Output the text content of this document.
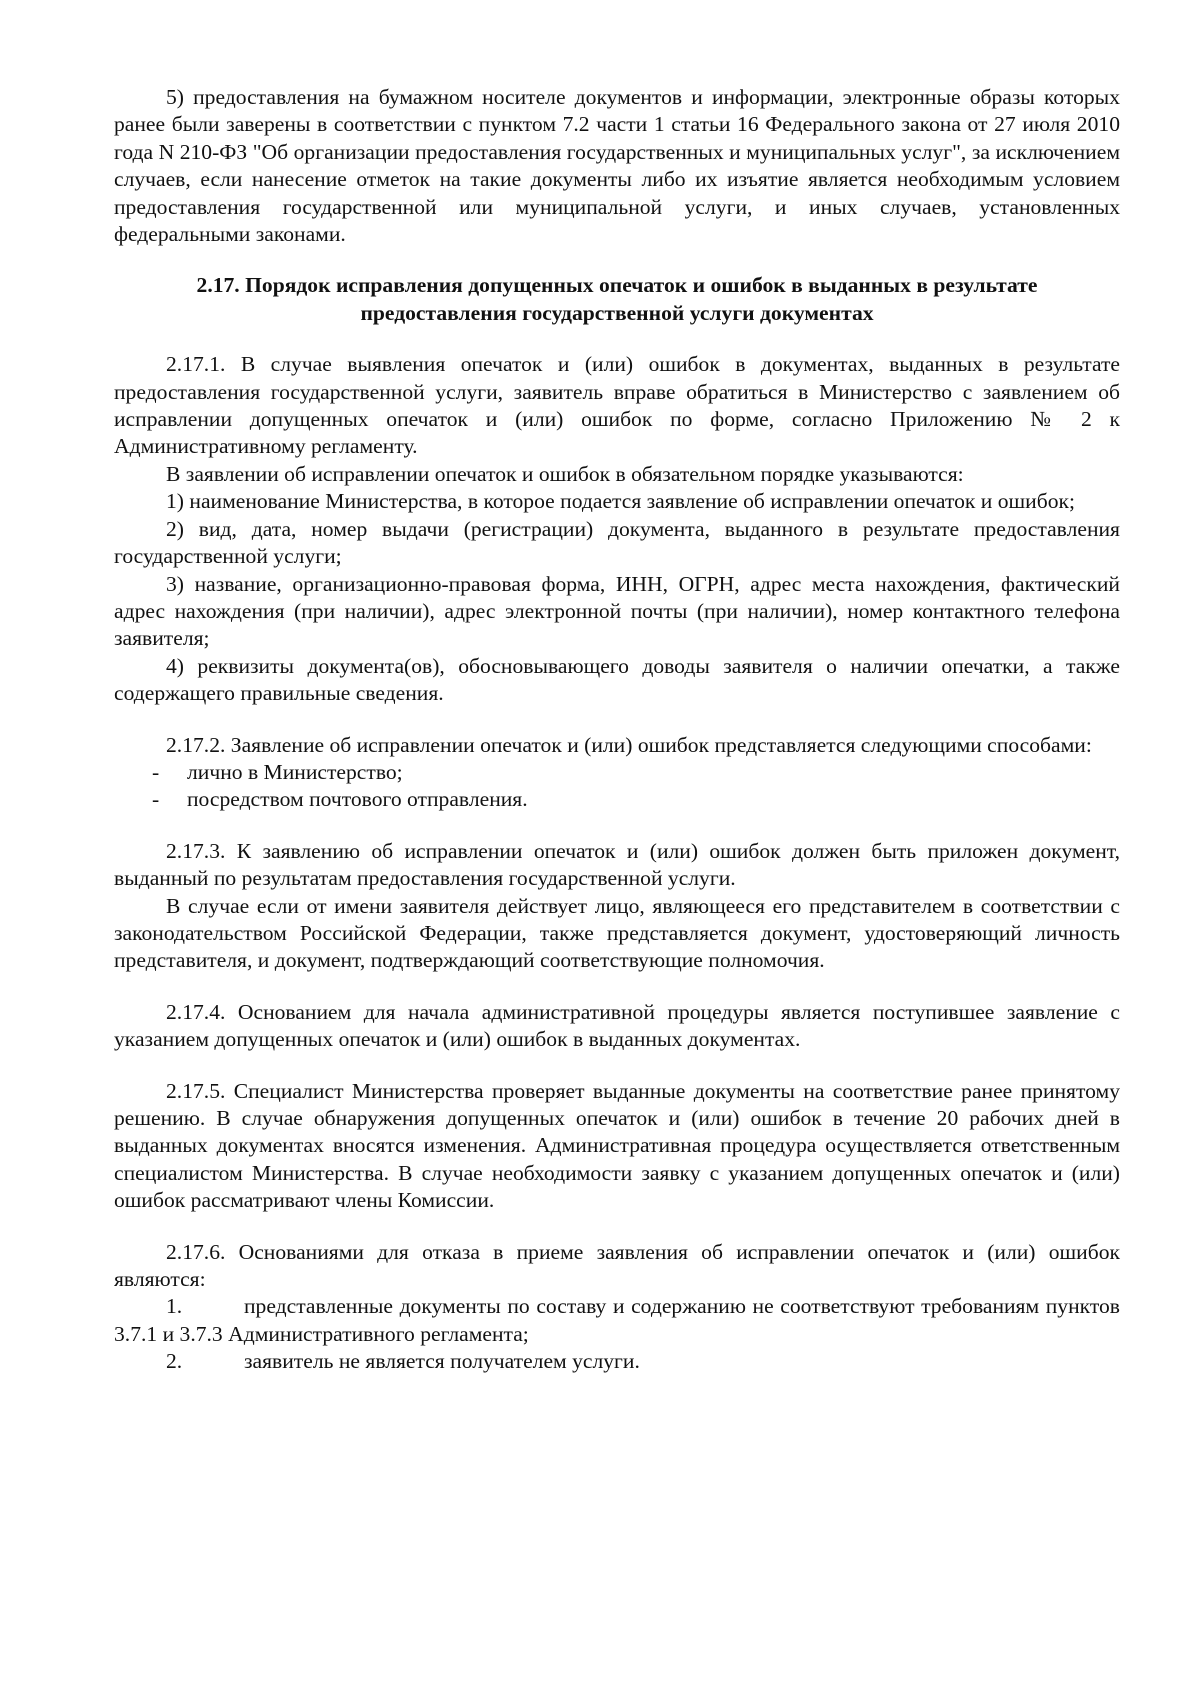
5) предоставления на бумажном носителе документов и информации, электронные образы которых ранее были заверены в соответствии с пунктом 7.2 части 1 статьи 16 Федерального закона от 27 июля 2010 года N 210-ФЗ "Об организации предоставления государственных и муниципальных услуг", за исключением случаев, если нанесение отметок на такие документы либо их изъятие является необходимым условием предоставления государственной или муниципальной услуги, и иных случаев, установленных федеральными законами.

2.17. Порядок исправления допущенных опечаток и ошибок в выданных в результате предоставления государственной услуги документах

2.17.1. В случае выявления опечаток и (или) ошибок в документах, выданных в результате предоставления государственной услуги, заявитель вправе обратиться в Министерство с заявлением об исправлении допущенных опечаток и (или) ошибок по форме, согласно Приложению № 2 к Административному регламенту.

В заявлении об исправлении опечаток и ошибок в обязательном порядке указываются:

1) наименование Министерства, в которое подается заявление об исправлении опечаток и ошибок;

2) вид, дата, номер выдачи (регистрации) документа, выданного в результате предоставления государственной услуги;

3) название, организационно-правовая форма, ИНН, ОГРН, адрес места нахождения, фактический адрес нахождения (при наличии), адрес электронной почты (при наличии), номер контактного телефона заявителя;

4) реквизиты документа(ов), обосновывающего доводы заявителя о наличии опечатки, а также содержащего правильные сведения.

2.17.2. Заявление об исправлении опечаток и (или) ошибок представляется следующими способами:

-	лично в Министерство;

-	посредством почтового отправления.

2.17.3. К заявлению об исправлении опечаток и (или) ошибок должен быть приложен документ, выданный по результатам предоставления государственной услуги.

В случае если от имени заявителя действует лицо, являющееся его представителем в соответствии с законодательством Российской Федерации, также представляется документ, удостоверяющий личность представителя, и документ, подтверждающий соответствующие полномочия.

2.17.4. Основанием для начала административной процедуры является поступившее заявление с указанием допущенных опечаток и (или) ошибок в выданных документах.

2.17.5. Специалист Министерства проверяет выданные документы на соответствие ранее принятому решению. В случае обнаружения допущенных опечаток и (или) ошибок в течение 20 рабочих дней в выданных документах вносятся изменения. Административная процедура осуществляется ответственным специалистом Министерства. В случае необходимости заявку с указанием допущенных опечаток и (или) ошибок рассматривают члены Комиссии.

2.17.6. Основаниями для отказа в приеме заявления об исправлении опечаток и (или) ошибок являются:

1.	представленные документы по составу и содержанию не соответствуют требованиям пунктов 3.7.1 и 3.7.3 Административного регламента;

2.	заявитель не является получателем услуги.
